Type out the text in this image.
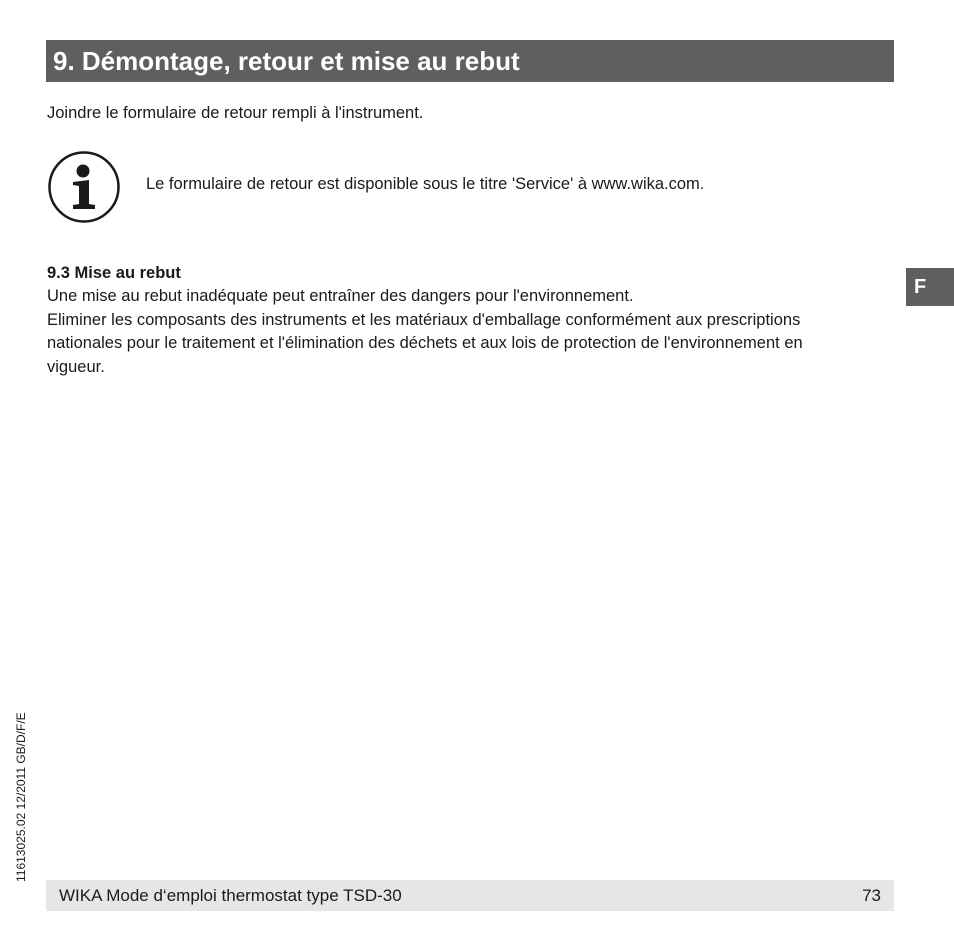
9. Démontage, retour et mise au rebut
Joindre le formulaire de retour rempli à l'instrument.
Le formulaire de retour est disponible sous le titre 'Service' à www.wika.com.
9.3 Mise au rebut
Une mise au rebut inadéquate peut entraîner des dangers pour l'environnement.
Eliminer les composants des instruments et les matériaux d'emballage conformément aux prescriptions
nationales pour le traitement et l'élimination des déchets et aux lois de protection de l'environnement en
vigueur.
F
11613025.02 12/2011 GB/D/F/E
WIKA Mode d‘emploi thermostat type TSD-30	73
